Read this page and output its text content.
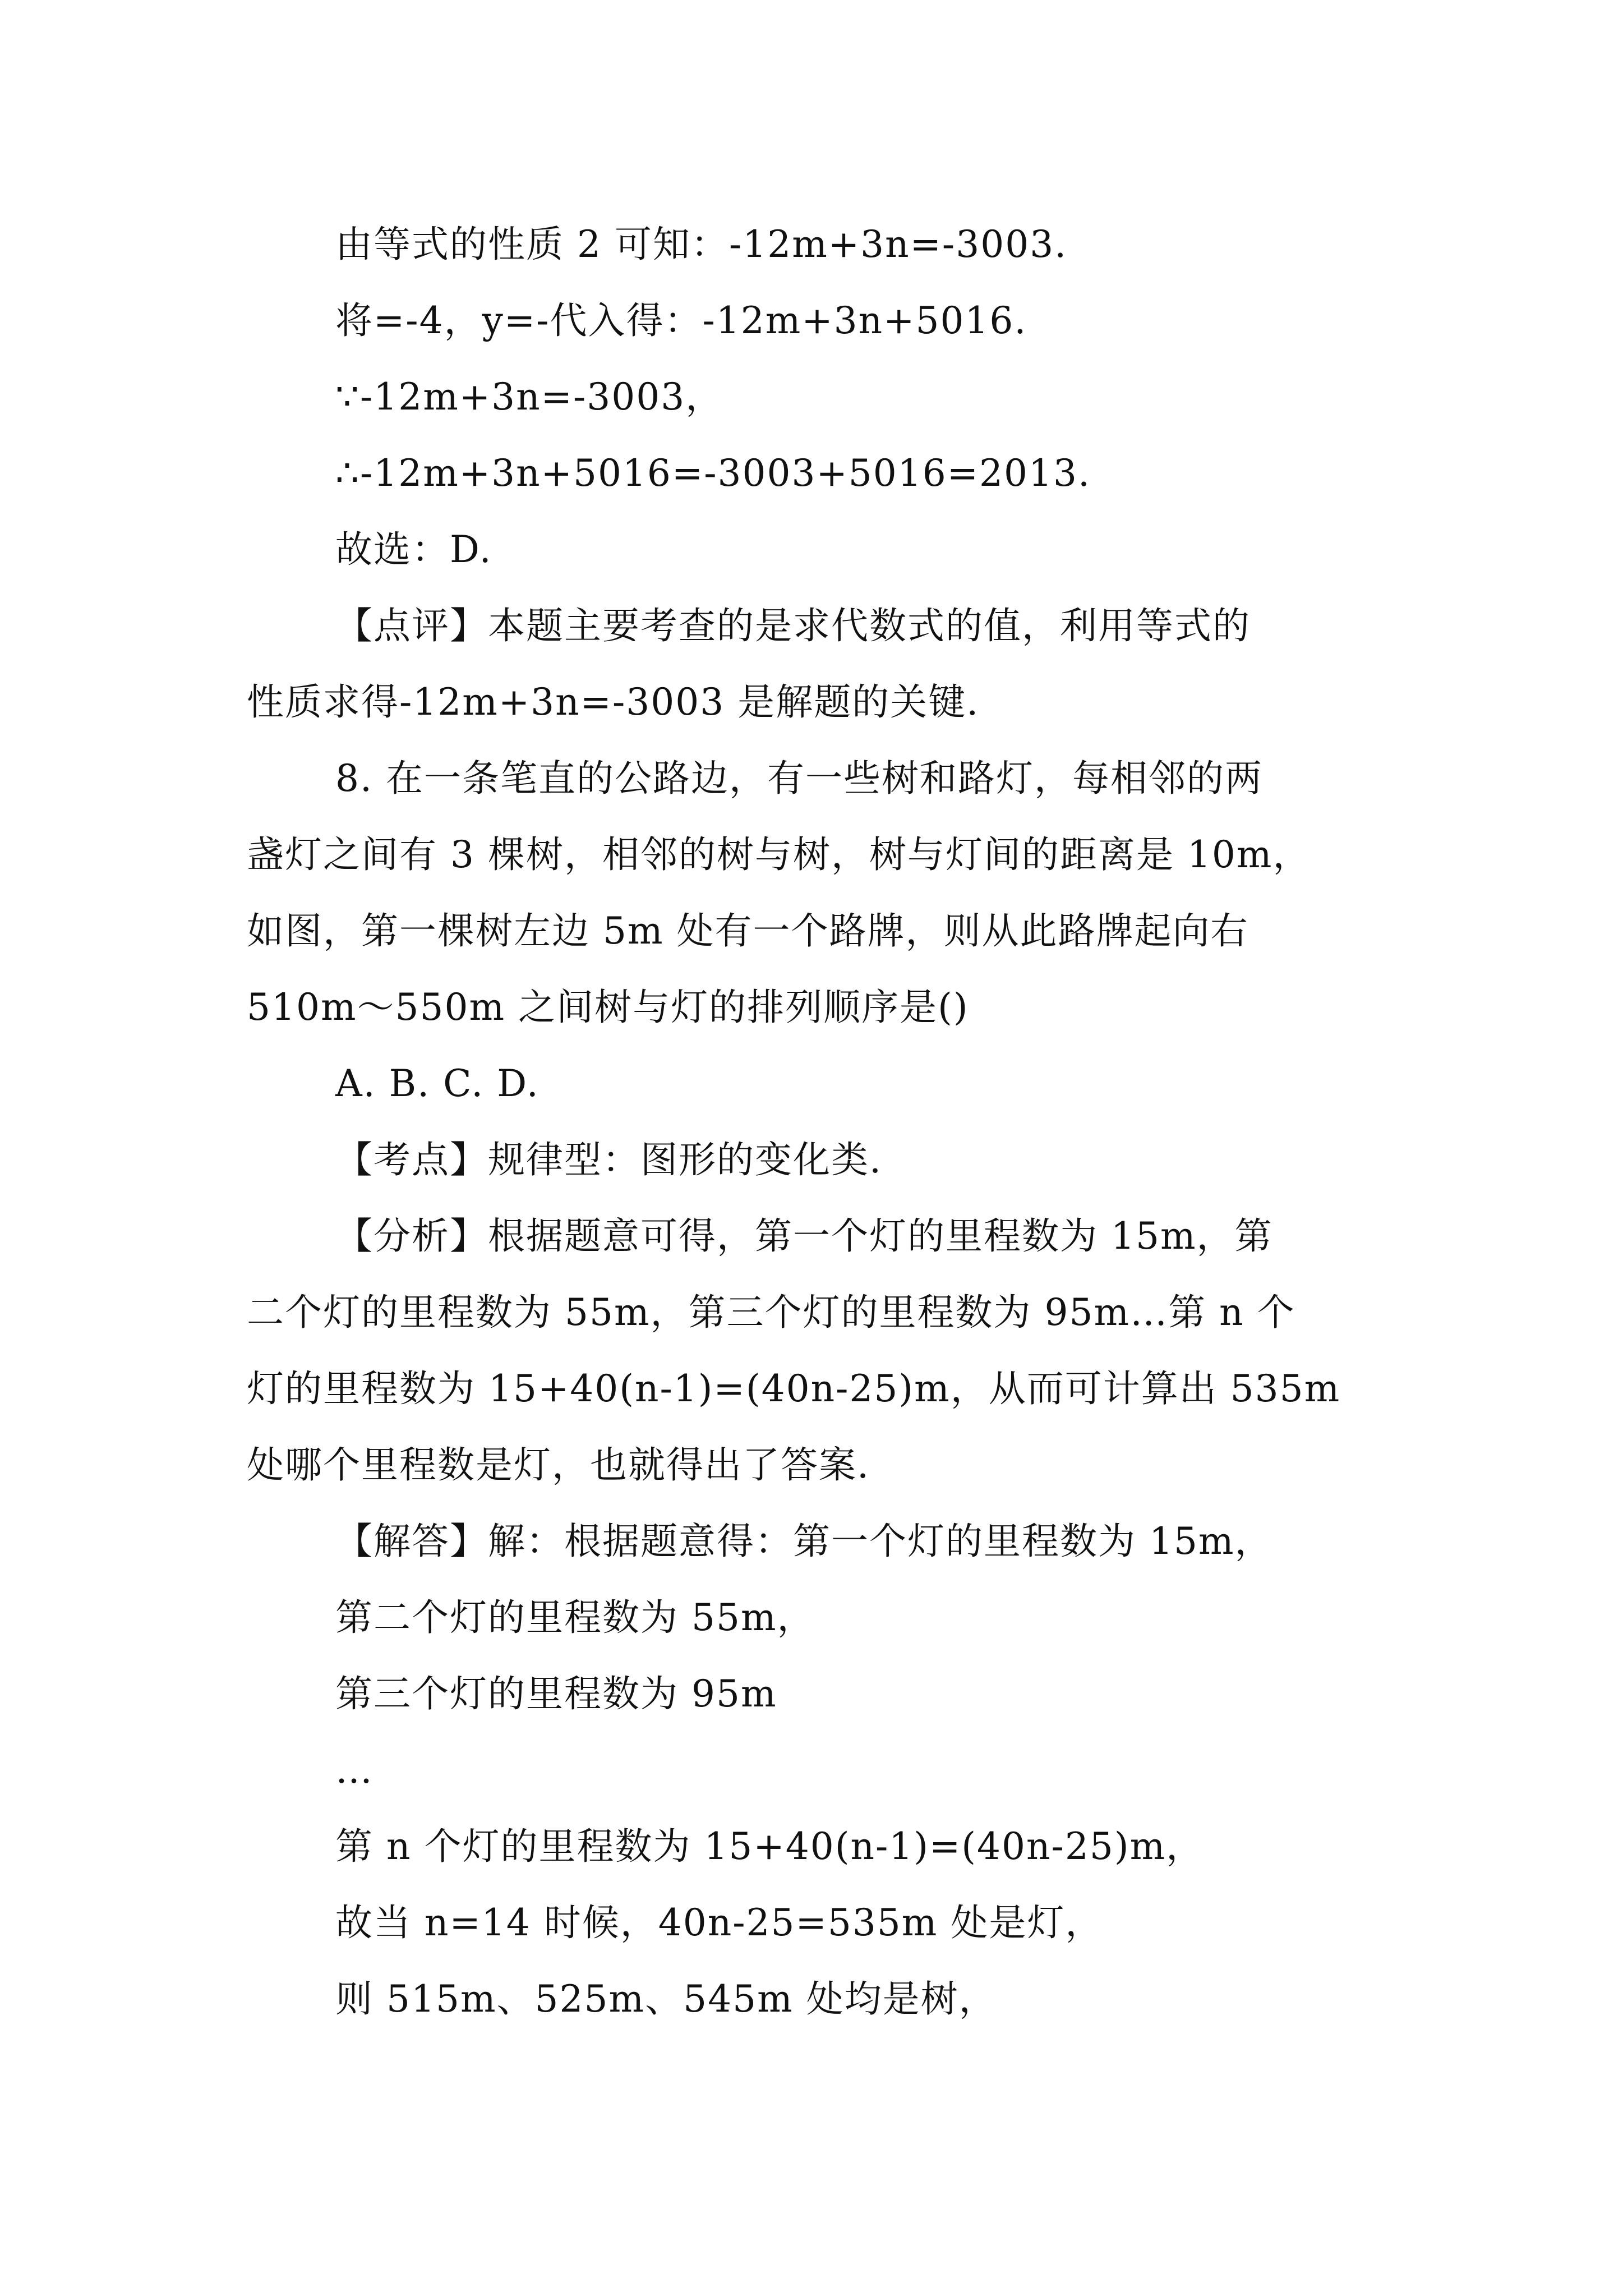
由等式的性质 2 可知：-12m+3n=-3003.
将=-4，y=-代入得：-12m+3n+5016.
∵-12m+3n=-3003，
∴-12m+3n+5016=-3003+5016=2013.
故选：D.
【点评】本题主要考查的是求代数式的值，利用等式的
性质求得-12m+3n=-3003 是解题的关键.
8. 在一条笔直的公路边，有一些树和路灯，每相邻的两
盏灯之间有 3 棵树，相邻的树与树，树与灯间的距离是 10m，
如图，第一棵树左边 5m 处有一个路牌，则从此路牌起向右
510m～550m 之间树与灯的排列顺序是()
A. B. C. D.
【考点】规律型：图形的变化类.
【分析】根据题意可得，第一个灯的里程数为 15m，第
二个灯的里程数为 55m，第三个灯的里程数为 95m…第 n 个
灯的里程数为 15+40(n-1)=(40n-25)m，从而可计算出 535m
处哪个里程数是灯，也就得出了答案.
【解答】解：根据题意得：第一个灯的里程数为 15m，
第二个灯的里程数为 55m，
第三个灯的里程数为 95m
…
第 n 个灯的里程数为 15+40(n-1)=(40n-25)m，
故当 n=14 时候，40n-25=535m 处是灯，
则 515m、525m、545m 处均是树，
